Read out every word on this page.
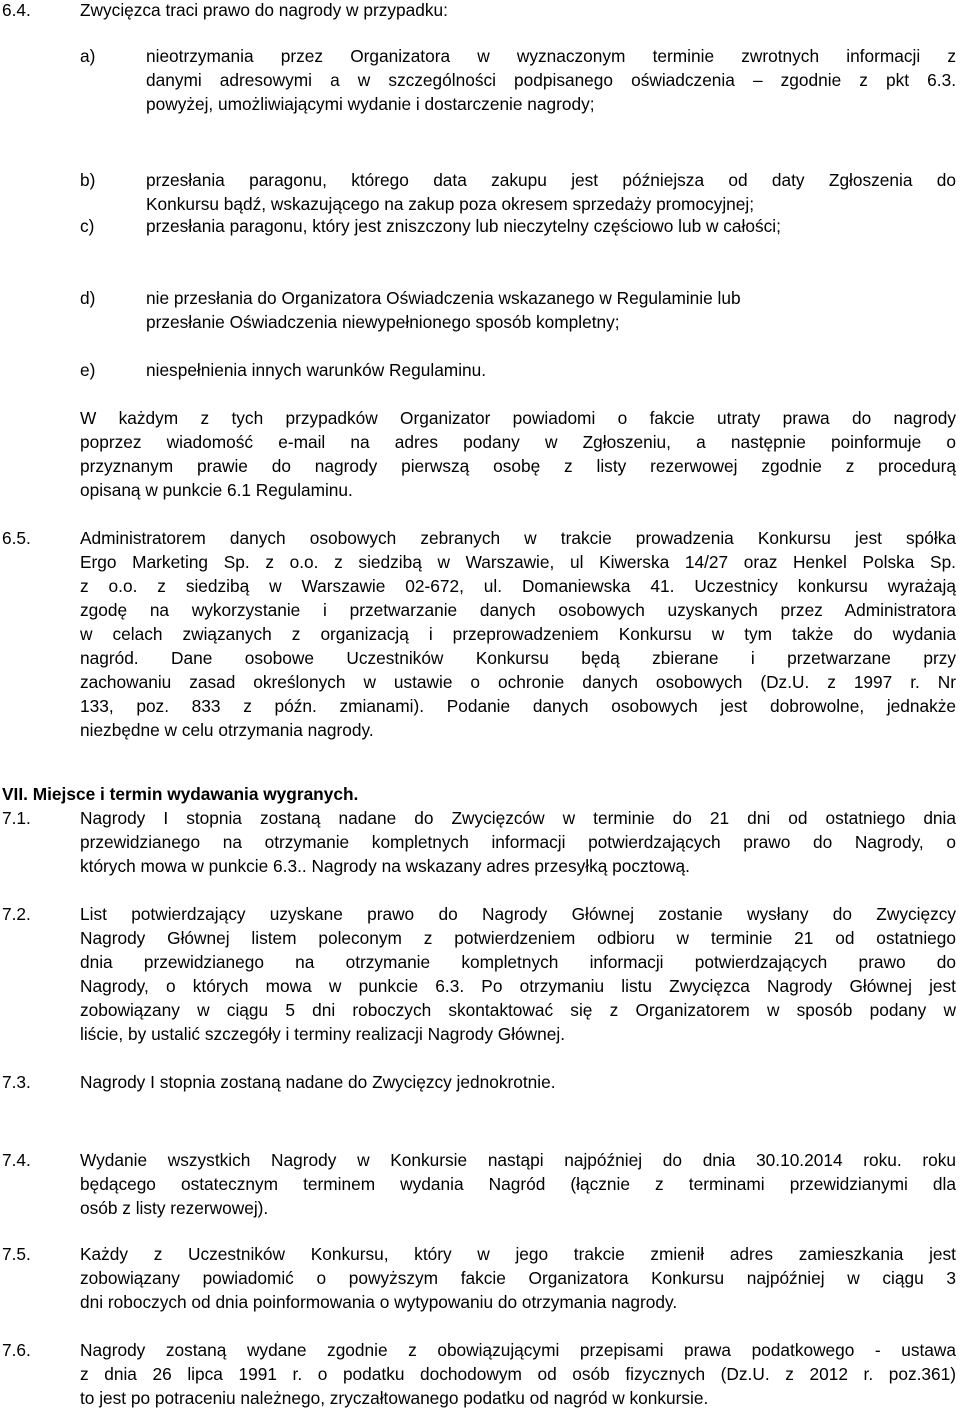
6.4.	Zwycięzca traci prawo do nagrody w przypadku:
a)	nieotrzymania przez Organizatora w wyznaczonym terminie zwrotnych informacji z
danymi adresowymi a w szczególności podpisanego oświadczenia – zgodnie z pkt 6.3.
powyżej, umożliwiającymi wydanie i dostarczenie nagrody;
b)	przesłania paragonu, którego data zakupu jest późniejsza od daty Zgłoszenia do
Konkursu bądź, wskazującego na zakup poza okresem sprzedaży promocyjnej;
c)	przesłania paragonu, który jest zniszczony lub nieczytelny częściowo lub w całości;
d)	nie przesłania do Organizatora Oświadczenia wskazanego w Regulaminie lub
przesłanie Oświadczenia niewypełnionego sposób kompletny;
e)	niespełnienia innych warunków Regulaminu.
W każdym z tych przypadków Organizator powiadomi o fakcie utraty prawa do nagrody
poprzez wiadomość e-mail na adres podany w Zgłoszeniu, a następnie poinformuje o
przyznanym prawie do nagrody pierwszą osobę z listy rezerwowej zgodnie z procedurą
opisaną w punkcie 6.1 Regulaminu.
6.5.	Administratorem danych osobowych zebranych w trakcie prowadzenia Konkursu jest spółka
Ergo Marketing Sp. z o.o. z siedzibą w Warszawie, ul Kiwerska 14/27 oraz Henkel Polska Sp.
z o.o. z siedzibą w Warszawie 02-672, ul. Domaniewska 41. Uczestnicy konkursu wyrażają
zgodę na wykorzystanie i przetwarzanie danych osobowych uzyskanych przez Administratora
w celach związanych z organizacją i przeprowadzeniem Konkursu w tym także do wydania
nagród. Dane osobowe Uczestników Konkursu będą zbierane i przetwarzane przy
zachowaniu zasad określonych w ustawie o ochronie danych osobowych (Dz.U. z 1997 r. Nr
133, poz. 833 z późn. zmianami). Podanie danych osobowych jest dobrowolne, jednakże
niezbędne w celu otrzymania nagrody.
VII. Miejsce i termin wydawania wygranych.
7.1.	Nagrody I stopnia zostaną nadane do Zwycięzców w terminie do 21 dni od ostatniego dnia
przewidzianego na otrzymanie kompletnych informacji potwierdzających prawo do Nagrody, o
których mowa w punkcie 6.3.. Nagrody na wskazany adres przesyłką pocztową.
7.2.	List potwierdzający uzyskane prawo do Nagrody Głównej zostanie wysłany do Zwycięzcy
Nagrody Głównej listem poleconym z potwierdzeniem odbioru w terminie 21 od ostatniego
dnia przewidzianego na otrzymanie kompletnych informacji potwierdzających prawo do
Nagrody, o których mowa w punkcie 6.3. Po otrzymaniu listu Zwycięzca Nagrody Głównej jest
zobowiązany w ciągu 5 dni roboczych skontaktować się z Organizatorem w sposób podany w
liście, by ustalić szczegóły i terminy realizacji Nagrody Głównej.
7.3.	Nagrody I stopnia zostaną nadane do Zwycięzcy jednokrotnie.
7.4.	Wydanie wszystkich Nagrody w Konkursie nastąpi najpóźniej do dnia 30.10.2014 roku. roku
będącego ostatecznym terminem wydania Nagród (łącznie z terminami przewidzianymi dla
osób z listy rezerwowej).
7.5.	Każdy z Uczestników Konkursu, który w jego trakcie zmienił adres zamieszkania jest
zobowiązany powiadomić o powyższym fakcie Organizatora Konkursu najpóźniej w ciągu 3
dni roboczych od dnia poinformowania o wytypowaniu do otrzymania nagrody.
7.6.	Nagrody zostaną wydane zgodnie z obowiązującymi przepisami prawa podatkowego - ustawa
z dnia 26 lipca 1991 r. o podatku dochodowym od osób fizycznych (Dz.U. z 2012 r. poz.361)
to jest po potraceniu należnego, zryczałtowanego podatku od nagród w konkursie.
